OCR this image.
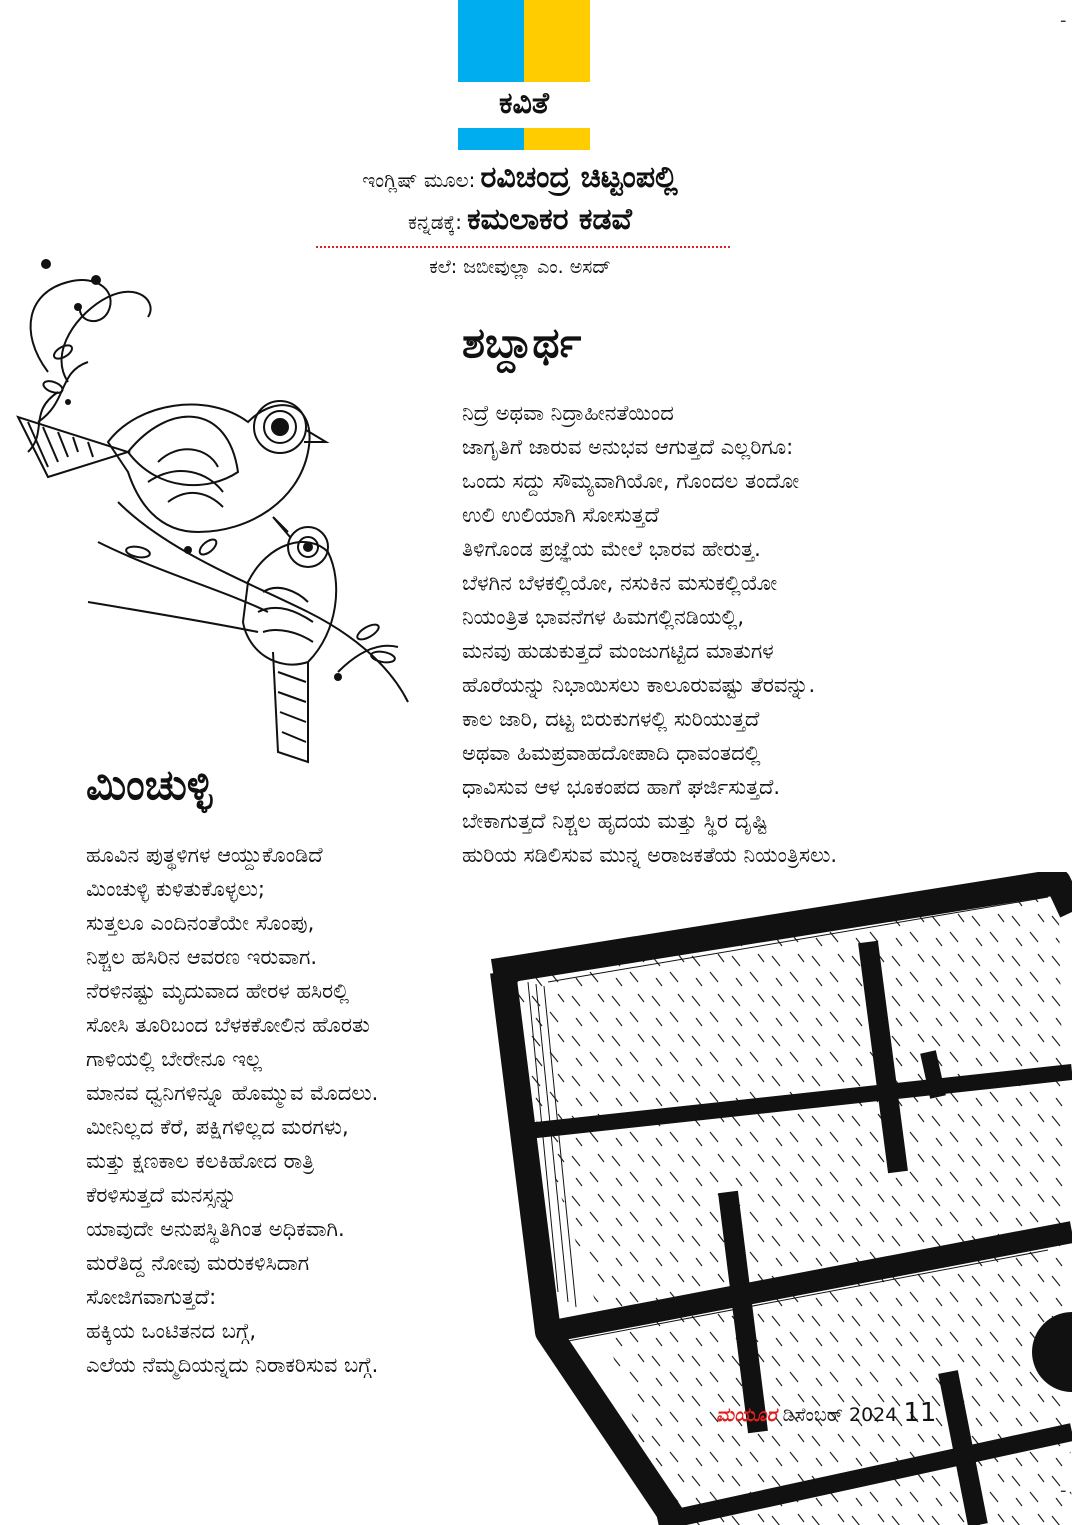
ಕವಿತೆ
ಇಂಗ್ಲಿಷ್ ಮೂಲ: ರವಿಚಂದ್ರ ಚಿಟ್ಟಂಪಲ್ಲಿ
ಕನ್ನಡಕ್ಕೆ: ಕಮಲಾಕರ ಕಡವೆ
ಕಲೆ: ಜಬೀವುಲ್ಲಾ ಎಂ. ಅಸದ್
ಶಬ್ದಾರ್ಥ
ನಿದ್ರೆ ಅಥವಾ ನಿದ್ರಾಹೀನತೆಯಿಂದ
ಜಾಗೃತಿಗೆ ಜಾರುವ ಅನುಭವ ಆಗುತ್ತದೆ ಎಲ್ಲರಿಗೂ:
ಒಂದು ಸದ್ದು ಸೌಮ್ಯವಾಗಿಯೋ, ಗೊಂದಲ ತಂದೋ
ಉಲಿ ಉಲಿಯಾಗಿ ಸೋಸುತ್ತದೆ
ತಿಳಿಗೊಂಡ ಪ್ರಜ್ಞೆಯ ಮೇಲೆ ಭಾರವ ಹೇರುತ್ತ.
ಬೆಳಗಿನ ಬೆಳಕಲ್ಲಿಯೋ, ನಸುಕಿನ ಮಸುಕಲ್ಲಿಯೋ
ನಿಯಂತ್ರಿತ ಭಾವನೆಗಳ ಹಿಮಗಲ್ಲಿನಡಿಯಲ್ಲಿ,
ಮನವು ಹುಡುಕುತ್ತದೆ ಮಂಜುಗಟ್ಟಿದ ಮಾತುಗಳ
ಹೊರೆಯನ್ನು ನಿಭಾಯಿಸಲು ಕಾಲೂರುವಷ್ಟು ತೆರವನ್ನು.
ಕಾಲ ಜಾರಿ, ದಟ್ಟ ಬಿರುಕುಗಳಲ್ಲಿ ಸುರಿಯುತ್ತದೆ
ಅಥವಾ ಹಿಮಪ್ರವಾಹದೋಪಾದಿ ಧಾವಂತದಲ್ಲಿ
ಧಾವಿಸುವ ಆಳ ಭೂಕಂಪದ ಹಾಗೆ ಘರ್ಜಿಸುತ್ತದೆ.
ಬೇಕಾಗುತ್ತದೆ ನಿಶ್ಚಲ ಹೃದಯ ಮತ್ತು ಸ್ಥಿರ ದೃಷ್ಟಿ
ಹುರಿಯ ಸಡಿಲಿಸುವ ಮುನ್ನ ಅರಾಜಕತೆಯ ನಿಯಂತ್ರಿಸಲು.
ಮಿಂಚುಳ್ಳಿ
ಹೂವಿನ ಪುತ್ಥಳಿಗಳ ಆಯ್ದುಕೊಂಡಿದೆ
ಮಿಂಚುಳ್ಳಿ ಕುಳಿತುಕೊಳ್ಳಲು;
ಸುತ್ತಲೂ ಎಂದಿನಂತೆಯೇ ಸೊಂಪು,
ನಿಶ್ಚಲ ಹಸಿರಿನ ಆವರಣ ಇರುವಾಗ.
ನೆರಳಿನಷ್ಟು ಮೃದುವಾದ ಹೇರಳ ಹಸಿರಲ್ಲಿ
ಸೋಸಿ ತೂರಿಬಂದ ಬೆಳಕಕೋಲಿನ ಹೊರತು
ಗಾಳಿಯಲ್ಲಿ ಬೇರೇನೂ ಇಲ್ಲ
ಮಾನವ ಧ್ವನಿಗಳಿನ್ನೂ ಹೊಮ್ಮುವ ಮೊದಲು.
ಮೀನಿಲ್ಲದ ಕೆರೆ, ಪಕ್ಷಿಗಳಿಲ್ಲದ ಮರಗಳು,
ಮತ್ತು ಕ್ಷಣಕಾಲ ಕಲಕಿಹೋದ ರಾತ್ರಿ
ಕೆರಳಿಸುತ್ತದೆ ಮನಸ್ಸನ್ನು
ಯಾವುದೇ ಅನುಪಸ್ಥಿತಿಗಿಂತ ಅಧಿಕವಾಗಿ.
ಮರೆತಿದ್ದ ನೋವು ಮರುಕಳಿಸಿದಾಗ
ಸೋಜಿಗವಾಗುತ್ತದೆ:
ಹಕ್ಕಿಯ ಒಂಟಿತನದ ಬಗ್ಗೆ,
ಎಲೆಯ ನೆಮ್ಮದಿಯನ್ನದು ನಿರಾಕರಿಸುವ ಬಗ್ಗೆ.
ಮಯೂರ ಡಿಸೆಂಬರ್ 2024 11
-
-
